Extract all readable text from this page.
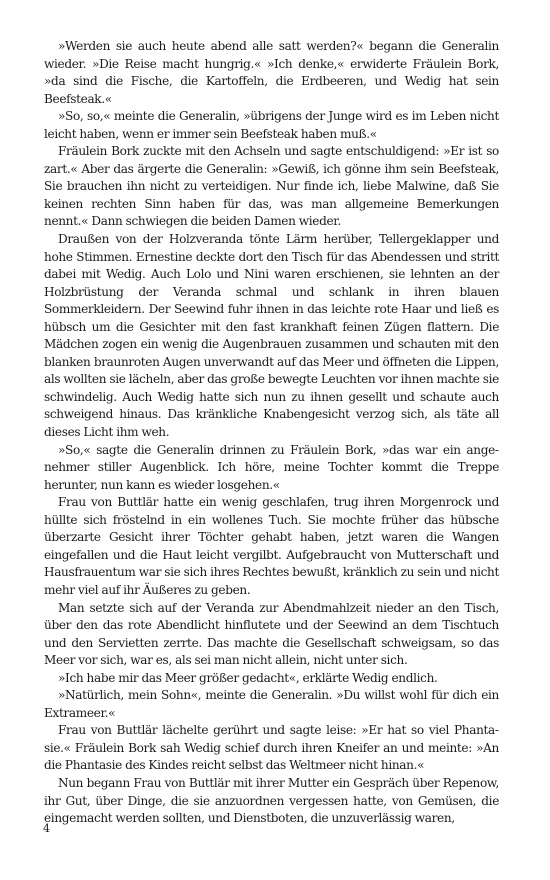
»Werden sie auch heute abend alle satt werden?« begann die Generalin wieder. »Die Reise macht hungrig.« »Ich denke,« erwiderte Fräulein Bork, »da sind die Fische, die Kartoffeln, die Erdbeeren, und Wedig hat sein Beefsteak.«

»So, so,« meinte die Generalin, »übrigens der Junge wird es im Leben nicht leicht haben, wenn er immer sein Beefsteak haben muß.«

Fräulein Bork zuckte mit den Achseln und sagte entschuldigend: »Er ist so zart.« Aber das ärgerte die Generalin: »Gewiß, ich gönne ihm sein Beefsteak, Sie brauchen ihn nicht zu verteidigen. Nur finde ich, liebe Malwine, daß Sie keinen rechten Sinn haben für das, was man allgemeine Bemerkungen nennt.« Dann schwiegen die beiden Damen wieder.

Draußen von der Holzveranda tönte Lärm herüber, Tellergeklapper und hohe Stimmen. Ernestine deckte dort den Tisch für das Abendessen und stritt dabei mit Wedig. Auch Lolo und Nini waren erschienen, sie lehnten an der Holzbrüstung der Veranda schmal und schlank in ihren blauen Sommerkleidern. Der Seewind fuhr ihnen in das leichte rote Haar und ließ es hübsch um die Gesichter mit den fast krankhaft feinen Zügen flattern. Die Mädchen zogen ein wenig die Augenbrauen zusammen und schauten mit den blanken braunroten Augen unverwandt auf das Meer und öffneten die Lippen, als wollten sie lächeln, aber das große bewegte Leuchten vor ihnen machte sie schwindelig. Auch Wedig hatte sich nun zu ihnen gesellt und schaute auch schweigend hinaus. Das kränkliche Knabengesicht verzog sich, als täte all dieses Licht ihm weh.

»So,« sagte die Generalin drinnen zu Fräulein Bork, »das war ein angenehmer stiller Augenblick. Ich höre, meine Tochter kommt die Treppe herunter, nun kann es wieder losgehen.«

Frau von Buttlär hatte ein wenig geschlafen, trug ihren Morgenrock und hüllte sich fröstelnd in ein wollenes Tuch. Sie mochte früher das hübsche überzarte Gesicht ihrer Töchter gehabt haben, jetzt waren die Wangen eingefallen und die Haut leicht vergilbt. Aufgebraucht von Mutterschaft und Hausfrauentum war sie sich ihres Rechtes bewußt, kränklich zu sein und nicht mehr viel auf ihr Äußeres zu geben.

Man setzte sich auf der Veranda zur Abendmahlzeit nieder an den Tisch, über den das rote Abendlicht hinflutete und der Seewind an dem Tischtuch und den Servietten zerrte. Das machte die Gesellschaft schweigsam, so das Meer vor sich, war es, als sei man nicht allein, nicht unter sich.

»Ich habe mir das Meer größer gedacht«, erklärte Wedig endlich.

»Natürlich, mein Sohn«, meinte die Generalin. »Du willst wohl für dich ein Extrameer.«

Frau von Buttlär lächelte gerührt und sagte leise: »Er hat so viel Phantasie.« Fräulein Bork sah Wedig schief durch ihren Kneifer an und meinte: »An die Phantasie des Kindes reicht selbst das Weltmeer nicht hinan.«

Nun begann Frau von Buttlär mit ihrer Mutter ein Gespräch über Repenow, ihr Gut, über Dinge, die sie anzuordnen vergessen hatte, von Gemüsen, die eingemacht werden sollten, und Dienstboten, die unzuverlässig waren,

4
